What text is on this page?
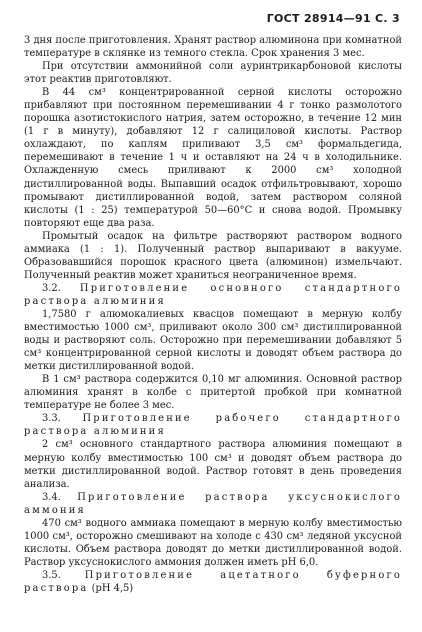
ГОСТ 28914—91 С. 3

3 дня после приготовления. Хранят раствор алюминона при комнатной температуре в склянке из темного стекла. Срок хранения 3 мес.

При отсутствии аммонийной соли ауринтрикарбоновой кислоты этот реактив приготовляют.

В 44 см³ концентрированной серной кислоты осторожно прибавляют при постоянном перемешивании 4 г тонко размолотого порошка азотистокислого натрия, затем осторожно, в течение 12 мин (1 г в минуту), добавляют 12 г салициловой кислоты. Раствор охлаждают, по каплям приливают 3,5 см³ формальдегида, перемешивают в течение 1 ч и оставляют на 24 ч в холодильнике. Охлажденную смесь приливают к 2000 см³ холодной дистиллированной воды. Выпавший осадок отфильтровывают, хорошо промывают дистиллированной водой, затем раствором соляной кислоты (1 : 25) температурой 50—60°С и снова водой. Промывку повторяют еще два раза.

Промытый осадок на фильтре растворяют раствором водного аммиака (1 : 1). Полученный раствор выпаривают в вакууме. Образовавшийся порошок красного цвета (алюминон) измельчают. Полученный реактив может храниться неограниченное время.

3.2. Приготовление основного стандартного раствора алюминия

1,7580 г алюмокалиевых квасцов помещают в мерную колбу вместимостью 1000 см³, приливают около 300 см³ дистиллированной воды и растворяют соль. Осторожно при перемешивании добавляют 5 см³ концентрированной серной кислоты и доводят объем раствора до метки дистиллированной водой.

В 1 см³ раствора содержится 0,10 мг алюминия. Основной раствор алюминия хранят в колбе с притертой пробкой при комнатной температуре не более 3 мес.

3.3. Приготовление рабочего стандартного раствора алюминия

2 см³ основного стандартного раствора алюминия помещают в мерную колбу вместимостью 100 см³ и доводят объем раствора до метки дистиллированной водой. Раствор готовят в день проведения анализа.

3.4. Приготовление раствора уксуснокислого аммония

470 см³ водного аммиака помещают в мерную колбу вместимостью 1000 см³, осторожно смешивают на холоде с 430 см³ ледяной уксусной кислоты. Объем раствора доводят до метки дистиллированной водой. Раствор уксуснокислого аммония должен иметь рН 6,0.

3.5. Приготовление ацетатного буферного раствора (рН 4,5)
